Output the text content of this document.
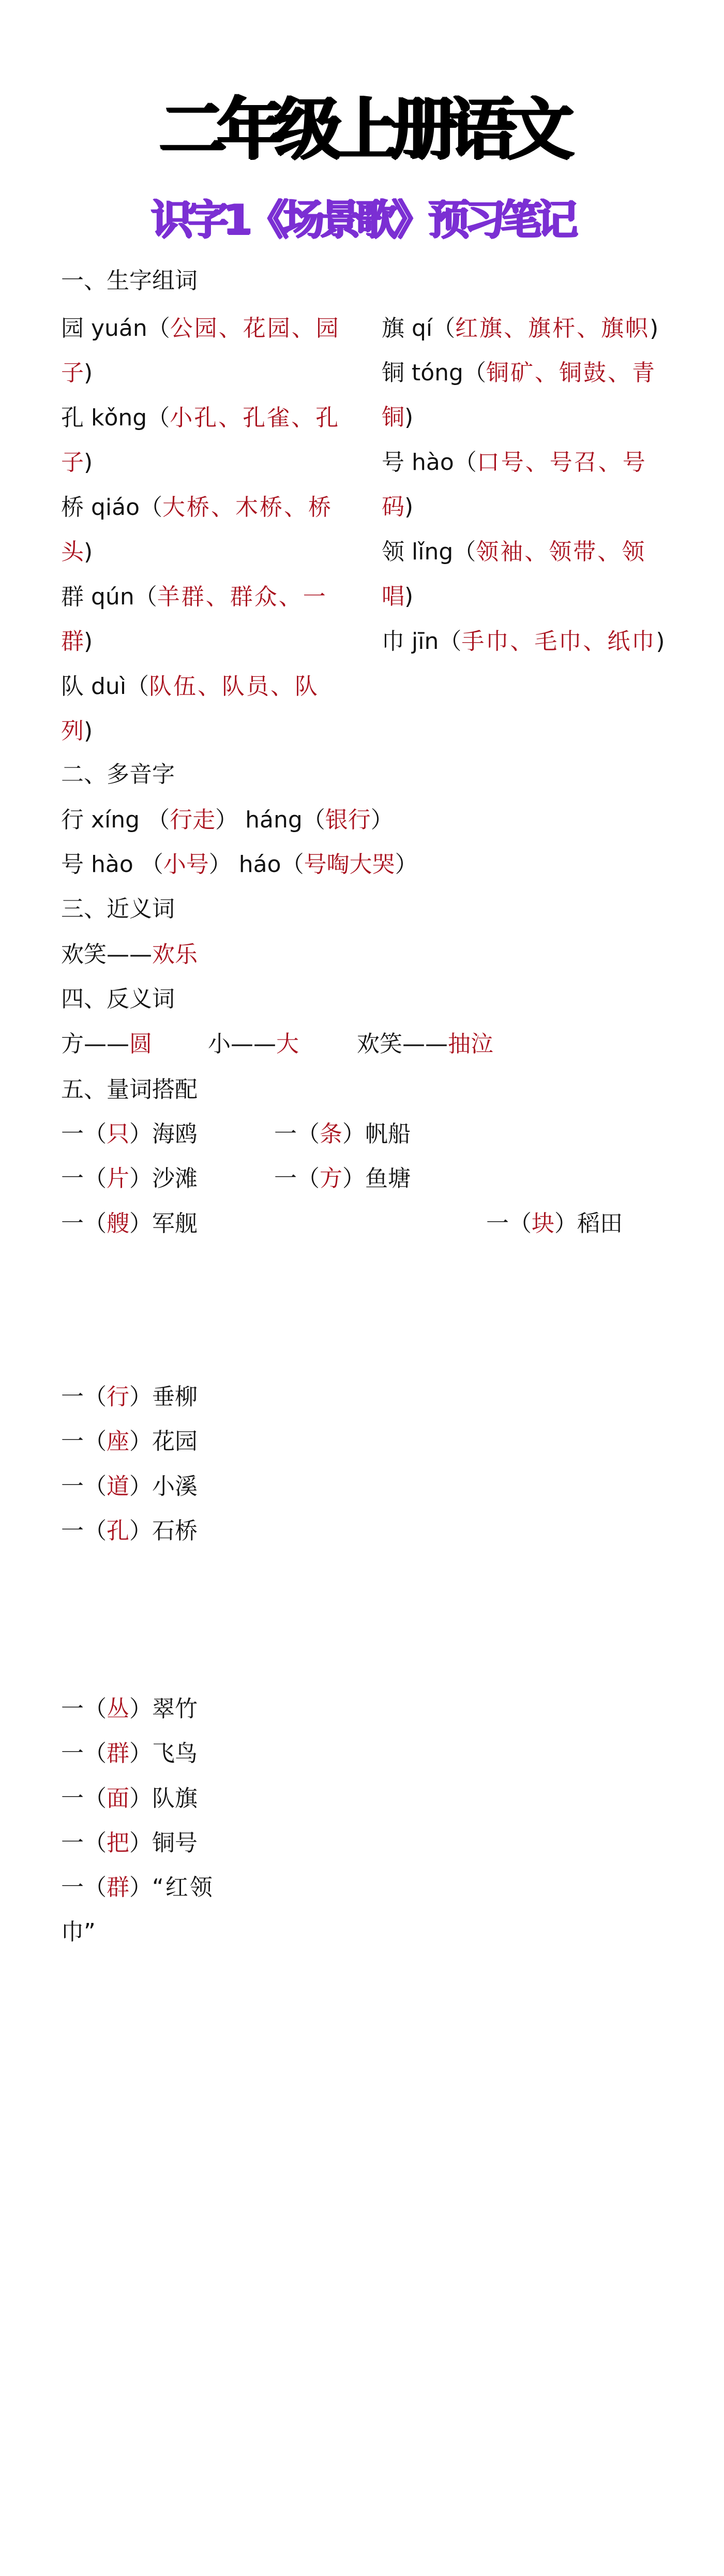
二年级上册语文
识字1《场景歌》预习笔记
一、生字组词
园 yuán（公园、花园、园
子)
孔 kǒng（小孔、孔雀、孔
子)
桥 qiáo（大桥、木桥、桥
头)
群 qún（羊群、群众、一
群)
队 duì（队伍、队员、队
列)
旗 qí（红旗、旗杆、旗帜)
铜 tóng（铜矿、铜鼓、青
铜)
号 hào（口号、号召、号
码)
领 lǐng（领袖、领带、领
唱)
巾 jīn（手巾、毛巾、纸巾)
二、多音字
行 xíng （行走） háng（银行）
号 hào （小号） háo（号啕大哭）
三、近义词
欢笑——欢乐
四、反义词
方——圆 小——大	欢笑——抽泣
五、量词搭配
一（只）海鸥	一（条）帆船
一（片）沙滩	一（方）鱼塘
一（艘）军舰	一（块）稻田
一（行）垂柳
一（座）花园
一（道）小溪
一（孔）石桥
一（丛）翠竹
一（群）飞鸟
一（面）队旗
一（把）铜号
一（群）“红领
巾”
